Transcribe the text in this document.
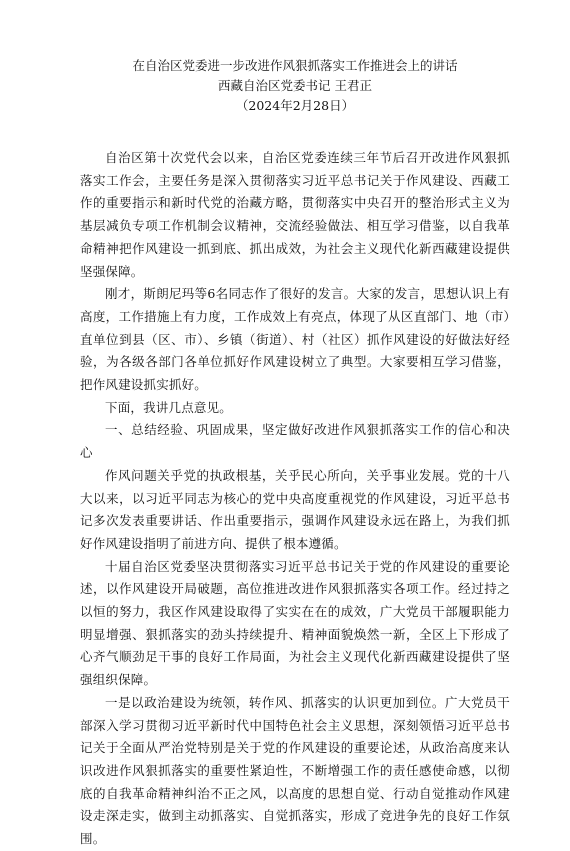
在自治区党委进一步改进作风狠抓落实工作推进会上的讲话

西藏自治区党委书记 王君正

（2024年2月28日）

自治区第十次党代会以来，自治区党委连续三年节后召开改进作风狠抓落实工作会，主要任务是深入贯彻落实习近平总书记关于作风建设、西藏工作的重要指示和新时代党的治藏方略，贯彻落实中央召开的整治形式主义为基层减负专项工作机制会议精神，交流经验做法、相互学习借鉴，以自我革命精神把作风建设一抓到底、抓出成效，为社会主义现代化新西藏建设提供坚强保障。

刚才，斯朗尼玛等6名同志作了很好的发言。大家的发言，思想认识上有高度，工作措施上有力度，工作成效上有亮点，体现了从区直部门、地（市）直单位到县（区、市）、乡镇（街道）、村（社区）抓作风建设的好做法好经验，为各级各部门各单位抓好作风建设树立了典型。大家要相互学习借鉴，把作风建设抓实抓好。

下面，我讲几点意见。

一、总结经验、巩固成果，坚定做好改进作风狠抓落实工作的信心和决心

作风问题关乎党的执政根基，关乎民心所向，关乎事业发展。党的十八大以来，以习近平同志为核心的党中央高度重视党的作风建设，习近平总书记多次发表重要讲话、作出重要指示，强调作风建设永远在路上，为我们抓好作风建设指明了前进方向、提供了根本遵循。

十届自治区党委坚决贯彻落实习近平总书记关于党的作风建设的重要论述，以作风建设开局破题，高位推进改进作风狠抓落实各项工作。经过持之以恒的努力，我区作风建设取得了实实在在的成效，广大党员干部履职能力明显增强、狠抓落实的劲头持续提升、精神面貌焕然一新，全区上下形成了心齐气顺劲足干事的良好工作局面，为社会主义现代化新西藏建设提供了坚强组织保障。

一是以政治建设为统领，转作风、抓落实的认识更加到位。广大党员干部深入学习贯彻习近平新时代中国特色社会主义思想，深刻领悟习近平总书记关于全面从严治党特别是关于党的作风建设的重要论述，从政治高度来认识改进作风狠抓落实的重要性紧迫性，不断增强工作的责任感使命感，以彻底的自我革命精神纠治不正之风，以高度的思想自觉、行动自觉推动作风建设走深走实，做到主动抓落实、自觉抓落实，形成了竞进争先的良好工作氛围。
